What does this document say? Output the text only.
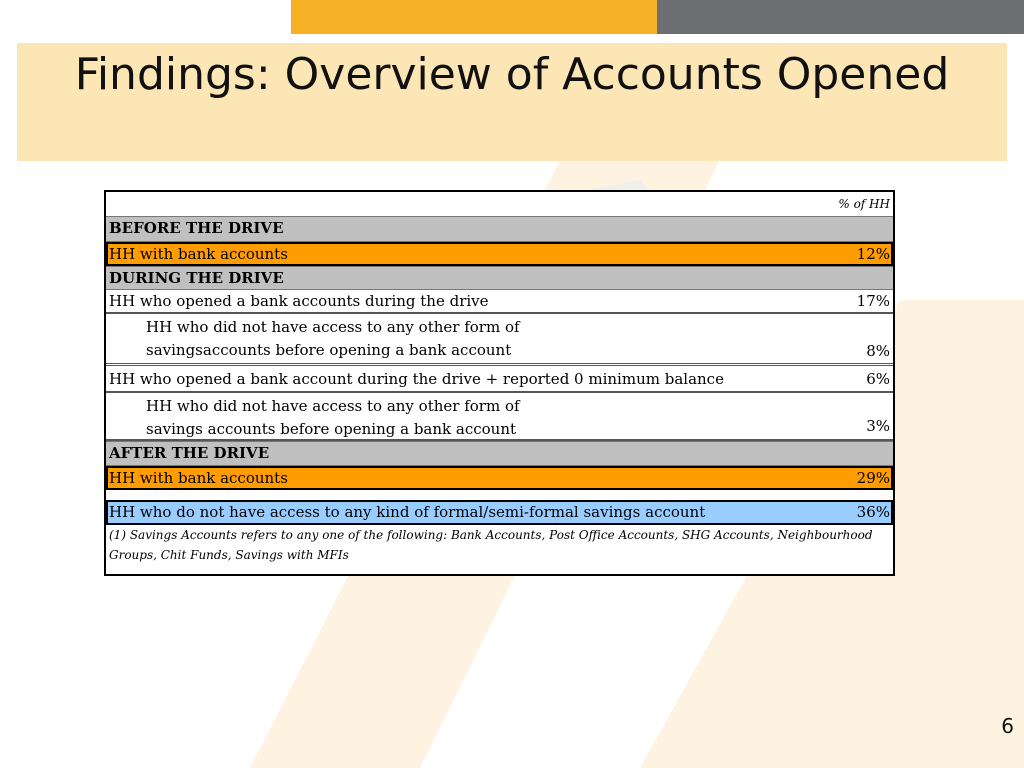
Findings: Overview of Accounts Opened
% of HH
BEFORE THE DRIVE
HH with bank accounts	12%
DURING THE DRIVE
HH who opened a bank accounts during the drive	17%
HH who did not have access to any other form of
savingsaccounts before opening a bank account	8%
HH who opened a bank account during the drive + reported 0 minimum balance	6%
HH who did not have access to any other form of
savings accounts before opening a bank account	3%
AFTER THE DRIVE
HH with bank accounts	29%
HH who do not have access to any kind of formal/semi-formal savings account	36%
(1) Savings Accounts refers to any one of the following: Bank Accounts, Post Office Accounts, SHG Accounts, Neighbourhood Groups, Chit Funds, Savings with MFIs
6
